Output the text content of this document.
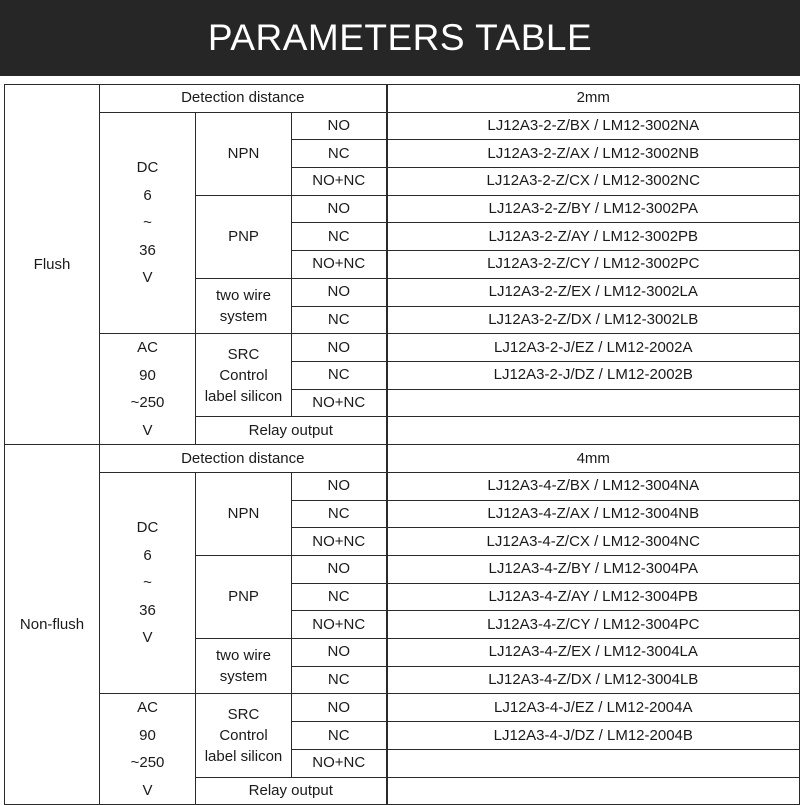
PARAMETERS TABLE
Flush	Detection distance			2mm
	DC
6
~
36
V	NPN	NO	LJ12A3-2-Z/BX / LM12-3002NA
			NC	LJ12A3-2-Z/AX / LM12-3002NB
			NO+NC	LJ12A3-2-Z/CX / LM12-3002NC
		PNP	NO	LJ12A3-2-Z/BY / LM12-3002PA
			NC	LJ12A3-2-Z/AY / LM12-3002PB
			NO+NC	LJ12A3-2-Z/CY / LM12-3002PC
		two wire
system	NO	LJ12A3-2-Z/EX / LM12-3002LA
			NC	LJ12A3-2-Z/DX / LM12-3002LB
	AC
90
~250
V	SRC
Control
label silicon	NO	LJ12A3-2-J/EZ / LM12-2002A
			NC	LJ12A3-2-J/DZ / LM12-2002B
			NO+NC	
		Relay output		
Non-flush	Detection distance			4mm
	DC
6
~
36
V	NPN	NO	LJ12A3-4-Z/BX / LM12-3004NA
			NC	LJ12A3-4-Z/AX / LM12-3004NB
			NO+NC	LJ12A3-4-Z/CX / LM12-3004NC
		PNP	NO	LJ12A3-4-Z/BY / LM12-3004PA
			NC	LJ12A3-4-Z/AY / LM12-3004PB
			NO+NC	LJ12A3-4-Z/CY / LM12-3004PC
		two wire
system	NO	LJ12A3-4-Z/EX / LM12-3004LA
			NC	LJ12A3-4-Z/DX / LM12-3004LB
	AC
90
~250
V	SRC
Control
label silicon	NO	LJ12A3-4-J/EZ / LM12-2004A
			NC	LJ12A3-4-J/DZ / LM12-2004B
			NO+NC	
		Relay output		
